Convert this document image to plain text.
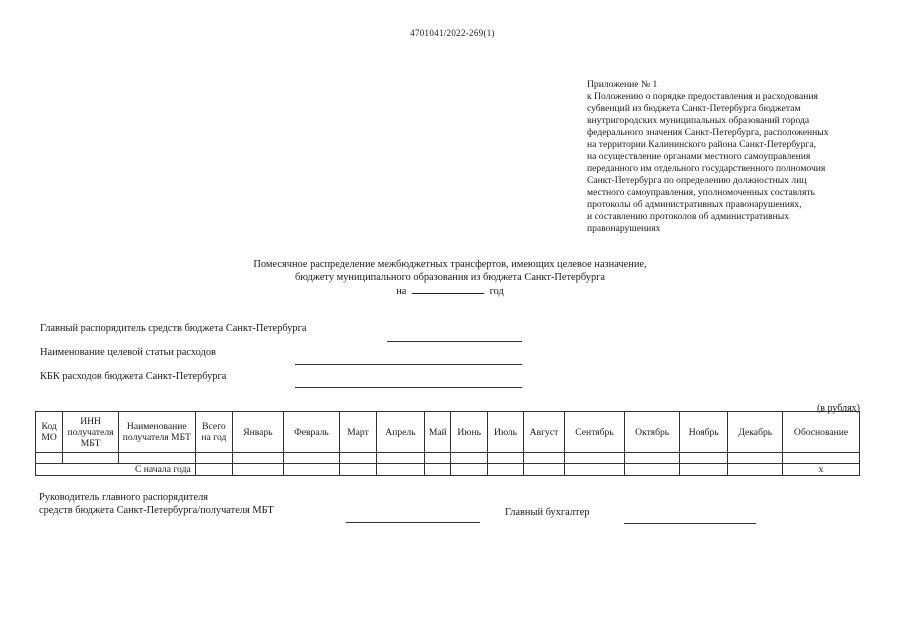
4701041/2022-269(1)
Приложение № 1
к Положению о порядке предоставления и расходования
субвенций из бюджета Санкт-Петербурга бюджетам
внутригородских муниципальных образований города
федерального значения Санкт-Петербурга, расположенных
на территории Калининского района Санкт-Петербурга,
на осуществление органами местного самоуправления
переданного им отдельного государственного полномочия
Санкт-Петербурга по определению должностных лиц
местного самоуправления, уполномоченных составлять
протоколы об административных правонарушениях,
и составлению протоколов об административных
правонарушениях
Помесячное распределение межбюджетных трансфертов, имеющих целевое назначение,
бюджету муниципального образования из бюджета Санкт-Петербурга
на	год
Главный распорядитель средств бюджета Санкт-Петербурга
Наименование целевой статьи расходов
КБК расходов бюджета Санкт-Петербурга
(в рублях)
Код МО	ИНН получателя МБТ	Наименование получателя МБТ	Всего на год	Январь	Февраль	Март	Апрель	Май	Июнь	Июль	Август	Сентябрь	Октябрь	Ноябрь	Декабрь	Обоснование

С начала года																x
Руководитель главного распорядителя
средств бюджета Санкт-Петербурга/получателя МБТ	Главный бухгалтер
